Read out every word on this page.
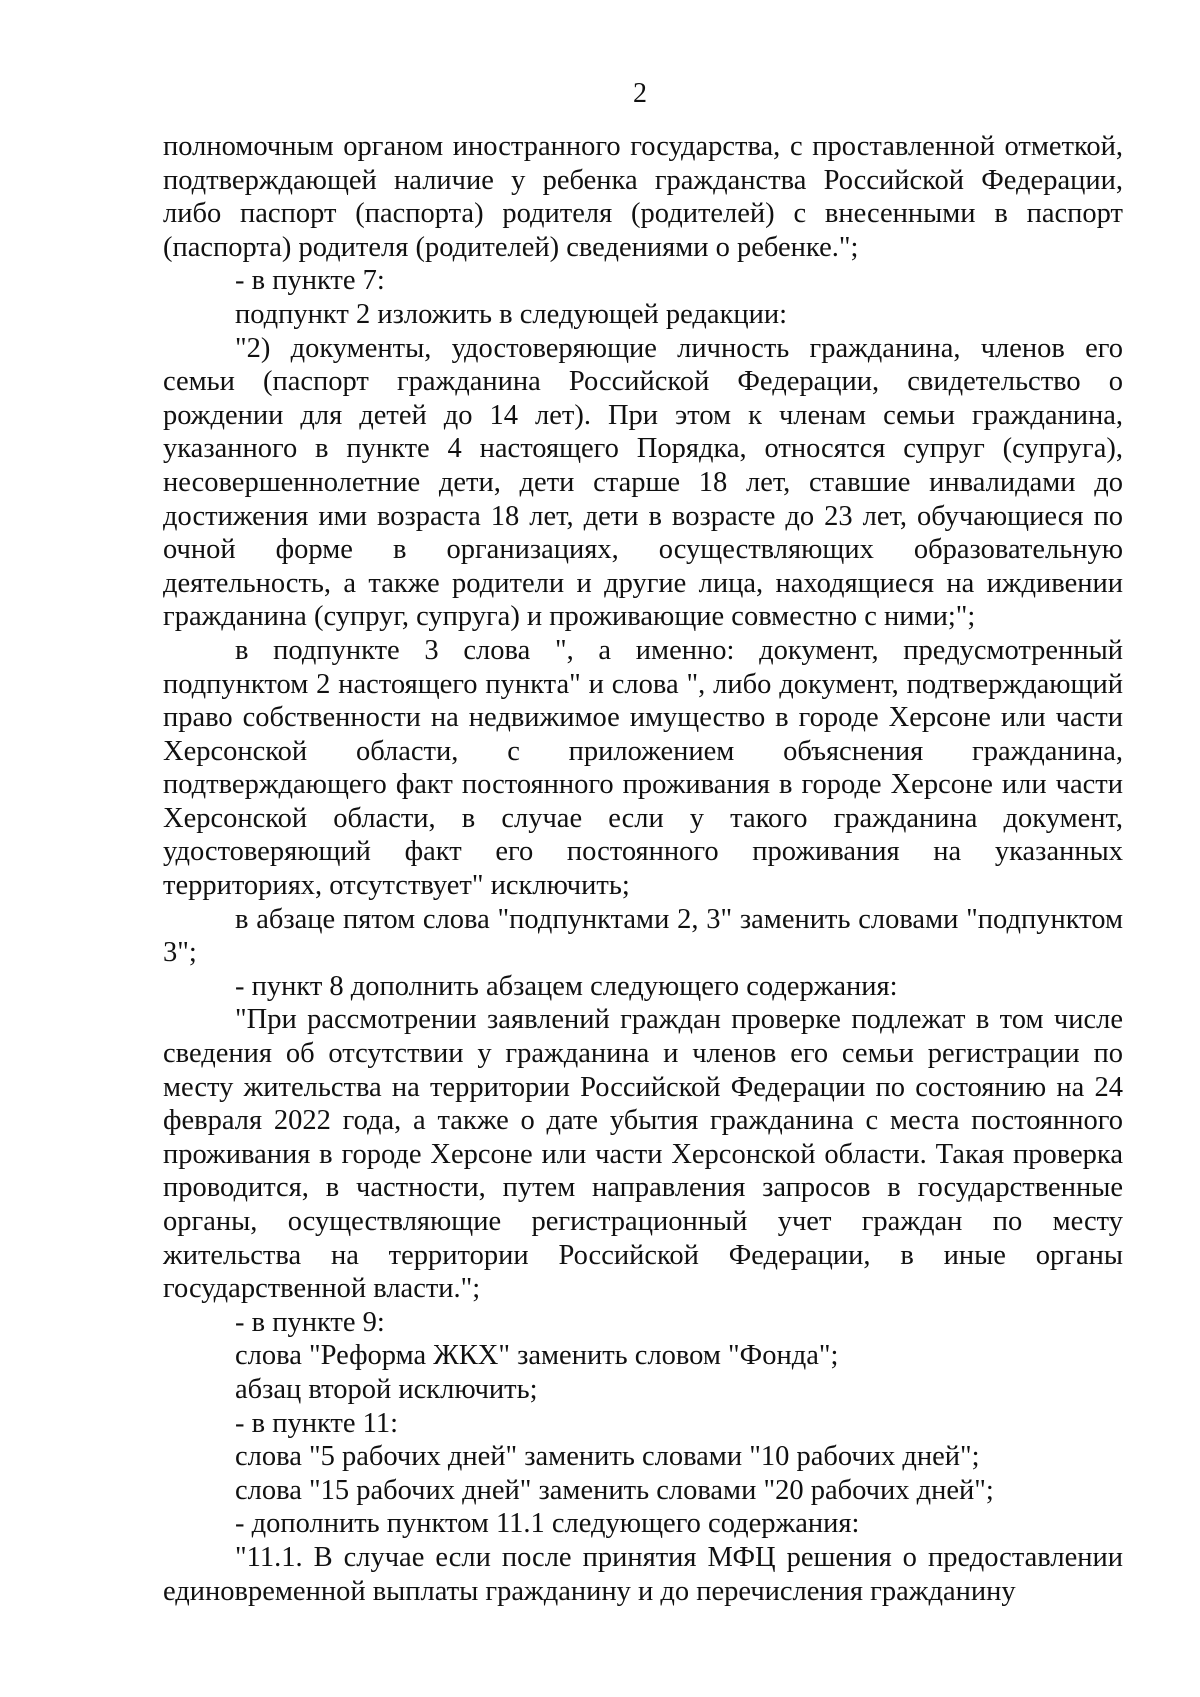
2

полномочным органом иностранного государства, с проставленной отметкой, подтверждающей наличие у ребенка гражданства Российской Федерации, либо паспорт (паспорта) родителя (родителей) с внесенными в паспорт (паспорта) родителя (родителей) сведениями о ребенке.";

- в пункте 7:

подпункт 2 изложить в следующей редакции:

"2) документы, удостоверяющие личность гражданина, членов его семьи (паспорт гражданина Российской Федерации, свидетельство о рождении для детей до 14 лет). При этом к членам семьи гражданина, указанного в пункте 4 настоящего Порядка, относятся супруг (супруга), несовершеннолетние дети, дети старше 18 лет, ставшие инвалидами до достижения ими возраста 18 лет, дети в возрасте до 23 лет, обучающиеся по очной форме в организациях, осуществляющих образовательную деятельность, а также родители и другие лица, находящиеся на иждивении гражданина (супруг, супруга) и проживающие совместно с ними;";

в подпункте 3 слова ", а именно: документ, предусмотренный подпунктом 2 настоящего пункта" и слова ", либо документ, подтверждающий право собственности на недвижимое имущество в городе Херсоне или части Херсонской области, с приложением объяснения гражданина, подтверждающего факт постоянного проживания в городе Херсоне или части Херсонской области, в случае если у такого гражданина документ, удостоверяющий факт его постоянного проживания на указанных территориях, отсутствует" исключить;

в абзаце пятом слова "подпунктами 2, 3" заменить словами "подпунктом 3";

- пункт 8 дополнить абзацем следующего содержания:

"При рассмотрении заявлений граждан проверке подлежат в том числе сведения об отсутствии у гражданина и членов его семьи регистрации по месту жительства на территории Российской Федерации по состоянию на 24 февраля 2022 года, а также о дате убытия гражданина с места постоянного проживания в городе Херсоне или части Херсонской области. Такая проверка проводится, в частности, путем направления запросов в государственные органы, осуществляющие регистрационный учет граждан по месту жительства на территории Российской Федерации, в иные органы государственной власти.";

- в пункте 9:

слова "Реформа ЖКХ" заменить словом "Фонда";

абзац второй исключить;

- в пункте 11:

слова "5 рабочих дней" заменить словами "10 рабочих дней";

слова "15 рабочих дней" заменить словами "20 рабочих дней";

- дополнить пунктом 11.1 следующего содержания:

"11.1. В случае если после принятия МФЦ решения о предоставлении единовременной выплаты гражданину и до перечисления гражданину
